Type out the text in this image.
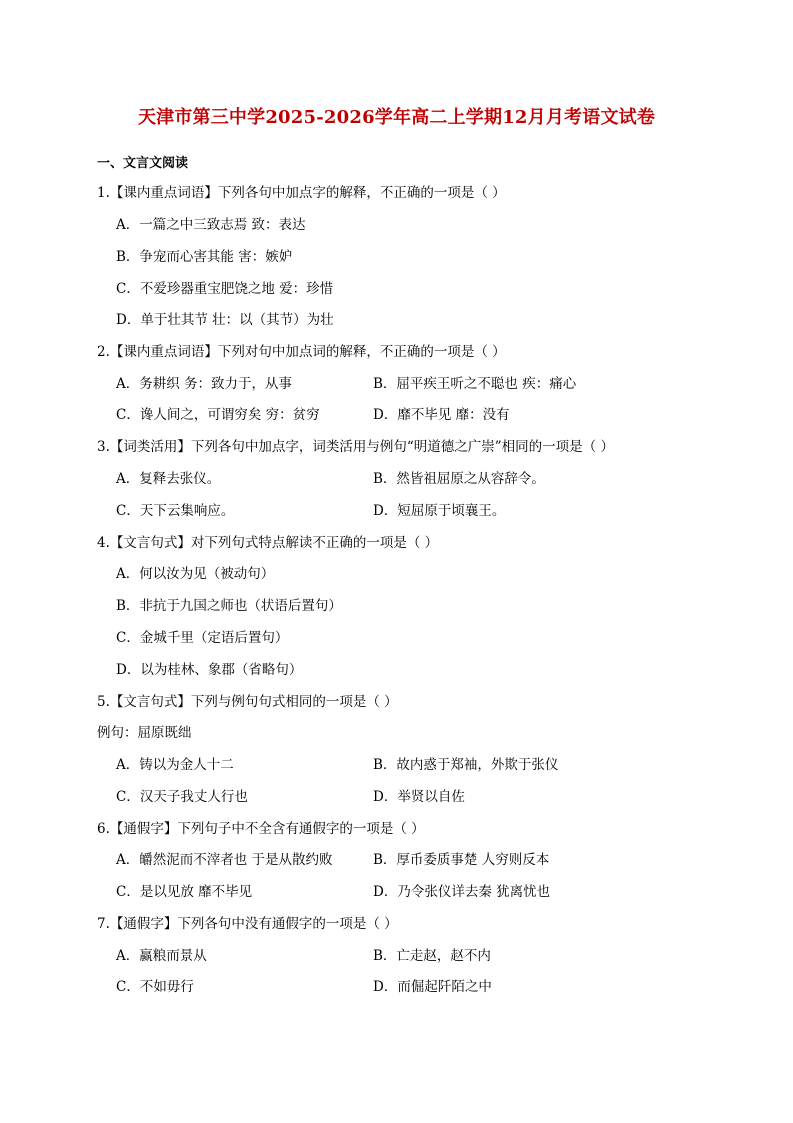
天津市第三中学2025-2026学年高二上学期12月月考语文试卷
一、文言文阅读
1.【课内重点词语】下列各句中加点字的解释，不正确的一项是（ ）
A．一篇之中三致志焉 致：表达
B．争宠而心害其能 害：嫉妒
C．不爱珍器重宝肥饶之地 爱：珍惜
D．单于壮其节 壮：以（其节）为壮
2.【课内重点词语】下列对句中加点词的解释，不正确的一项是（ ）
A．务耕织 务：致力于，从事	B．屈平疾王听之不聪也 疾：痛心
C．谗人间之，可谓穷矣 穷：贫穷	D．靡不毕见 靡：没有
3.【词类活用】下列各句中加点字，词类活用与例句“明道德之广崇”相同的一项是（ ）
A．复释去张仪。	B．然皆祖屈原之从容辞令。
C．天下云集响应。	D．短屈原于顷襄王。
4.【文言句式】对下列句式特点解读不正确的一项是（ ）
A．何以汝为见（被动句）
B．非抗于九国之师也（状语后置句）
C．金城千里（定语后置句）
D．以为桂林、象郡（省略句）
5.【文言句式】下列与例句句式相同的一项是（ ）
例句：屈原既绌
A．铸以为金人十二	B．故内惑于郑袖，外欺于张仪
C．汉天子我丈人行也	D．举贤以自佐
6.【通假字】下列句子中不全含有通假字的一项是（ ）
A．皭然泥而不滓者也 于是从散约败	B．厚币委质事楚 人穷则反本
C．是以见放 靡不毕见	D．乃令张仪详去秦 犹离忧也
7.【通假字】下列各句中没有通假字的一项是（ ）
A．赢粮而景从	B．亡走赵，赵不内
C．不如毋行	D．而倔起阡陌之中
